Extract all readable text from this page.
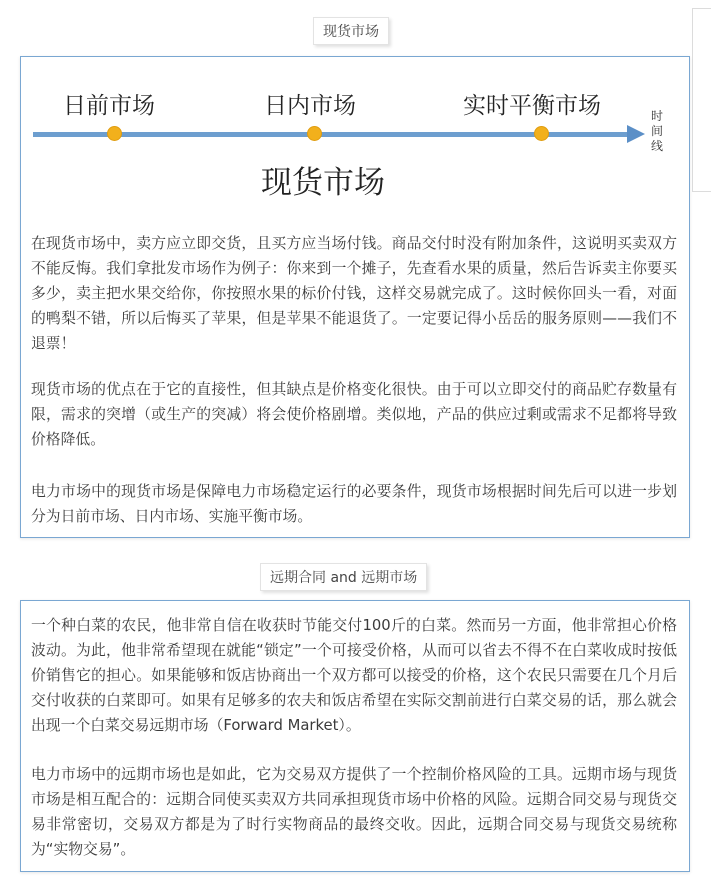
现货市场
日前市场	日内市场	实时平衡市场	时间线
现货市场

在现货市场中，卖方应立即交货，且买方应当场付钱。商品交付时没有附加条件，这说明买卖双方不能反悔。我们拿批发市场作为例子：你来到一个摊子，先查看水果的质量，然后告诉卖主你要买多少，卖主把水果交给你，你按照水果的标价付钱，这样交易就完成了。这时候你回头一看，对面的鸭梨不错，所以后悔买了苹果，但是苹果不能退货了。一定要记得小岳岳的服务原则——我们不退票！

现货市场的优点在于它的直接性，但其缺点是价格变化很快。由于可以立即交付的商品贮存数量有限，需求的突增（或生产的突减）将会使价格剧增。类似地，产品的供应过剩或需求不足都将导致价格降低。

电力市场中的现货市场是保障电力市场稳定运行的必要条件，现货市场根据时间先后可以进一步划分为日前市场、日内市场、实施平衡市场。

远期合同 and 远期市场

一个种白菜的农民，他非常自信在收获时节能交付100斤的白菜。然而另一方面，他非常担心价格波动。为此，他非常希望现在就能“锁定”一个可接受价格，从而可以省去不得不在白菜收成时按低价销售它的担心。如果能够和饭店协商出一个双方都可以接受的价格，这个农民只需要在几个月后交付收获的白菜即可。如果有足够多的农夫和饭店希望在实际交割前进行白菜交易的话，那么就会出现一个白菜交易远期市场（Forward Market）。

电力市场中的远期市场也是如此，它为交易双方提供了一个控制价格风险的工具。远期市场与现货市场是相互配合的：远期合同使买卖双方共同承担现货市场中价格的风险。远期合同交易与现货交易非常密切，交易双方都是为了时行实物商品的最终交收。因此，远期合同交易与现货交易统称为“实物交易”。
